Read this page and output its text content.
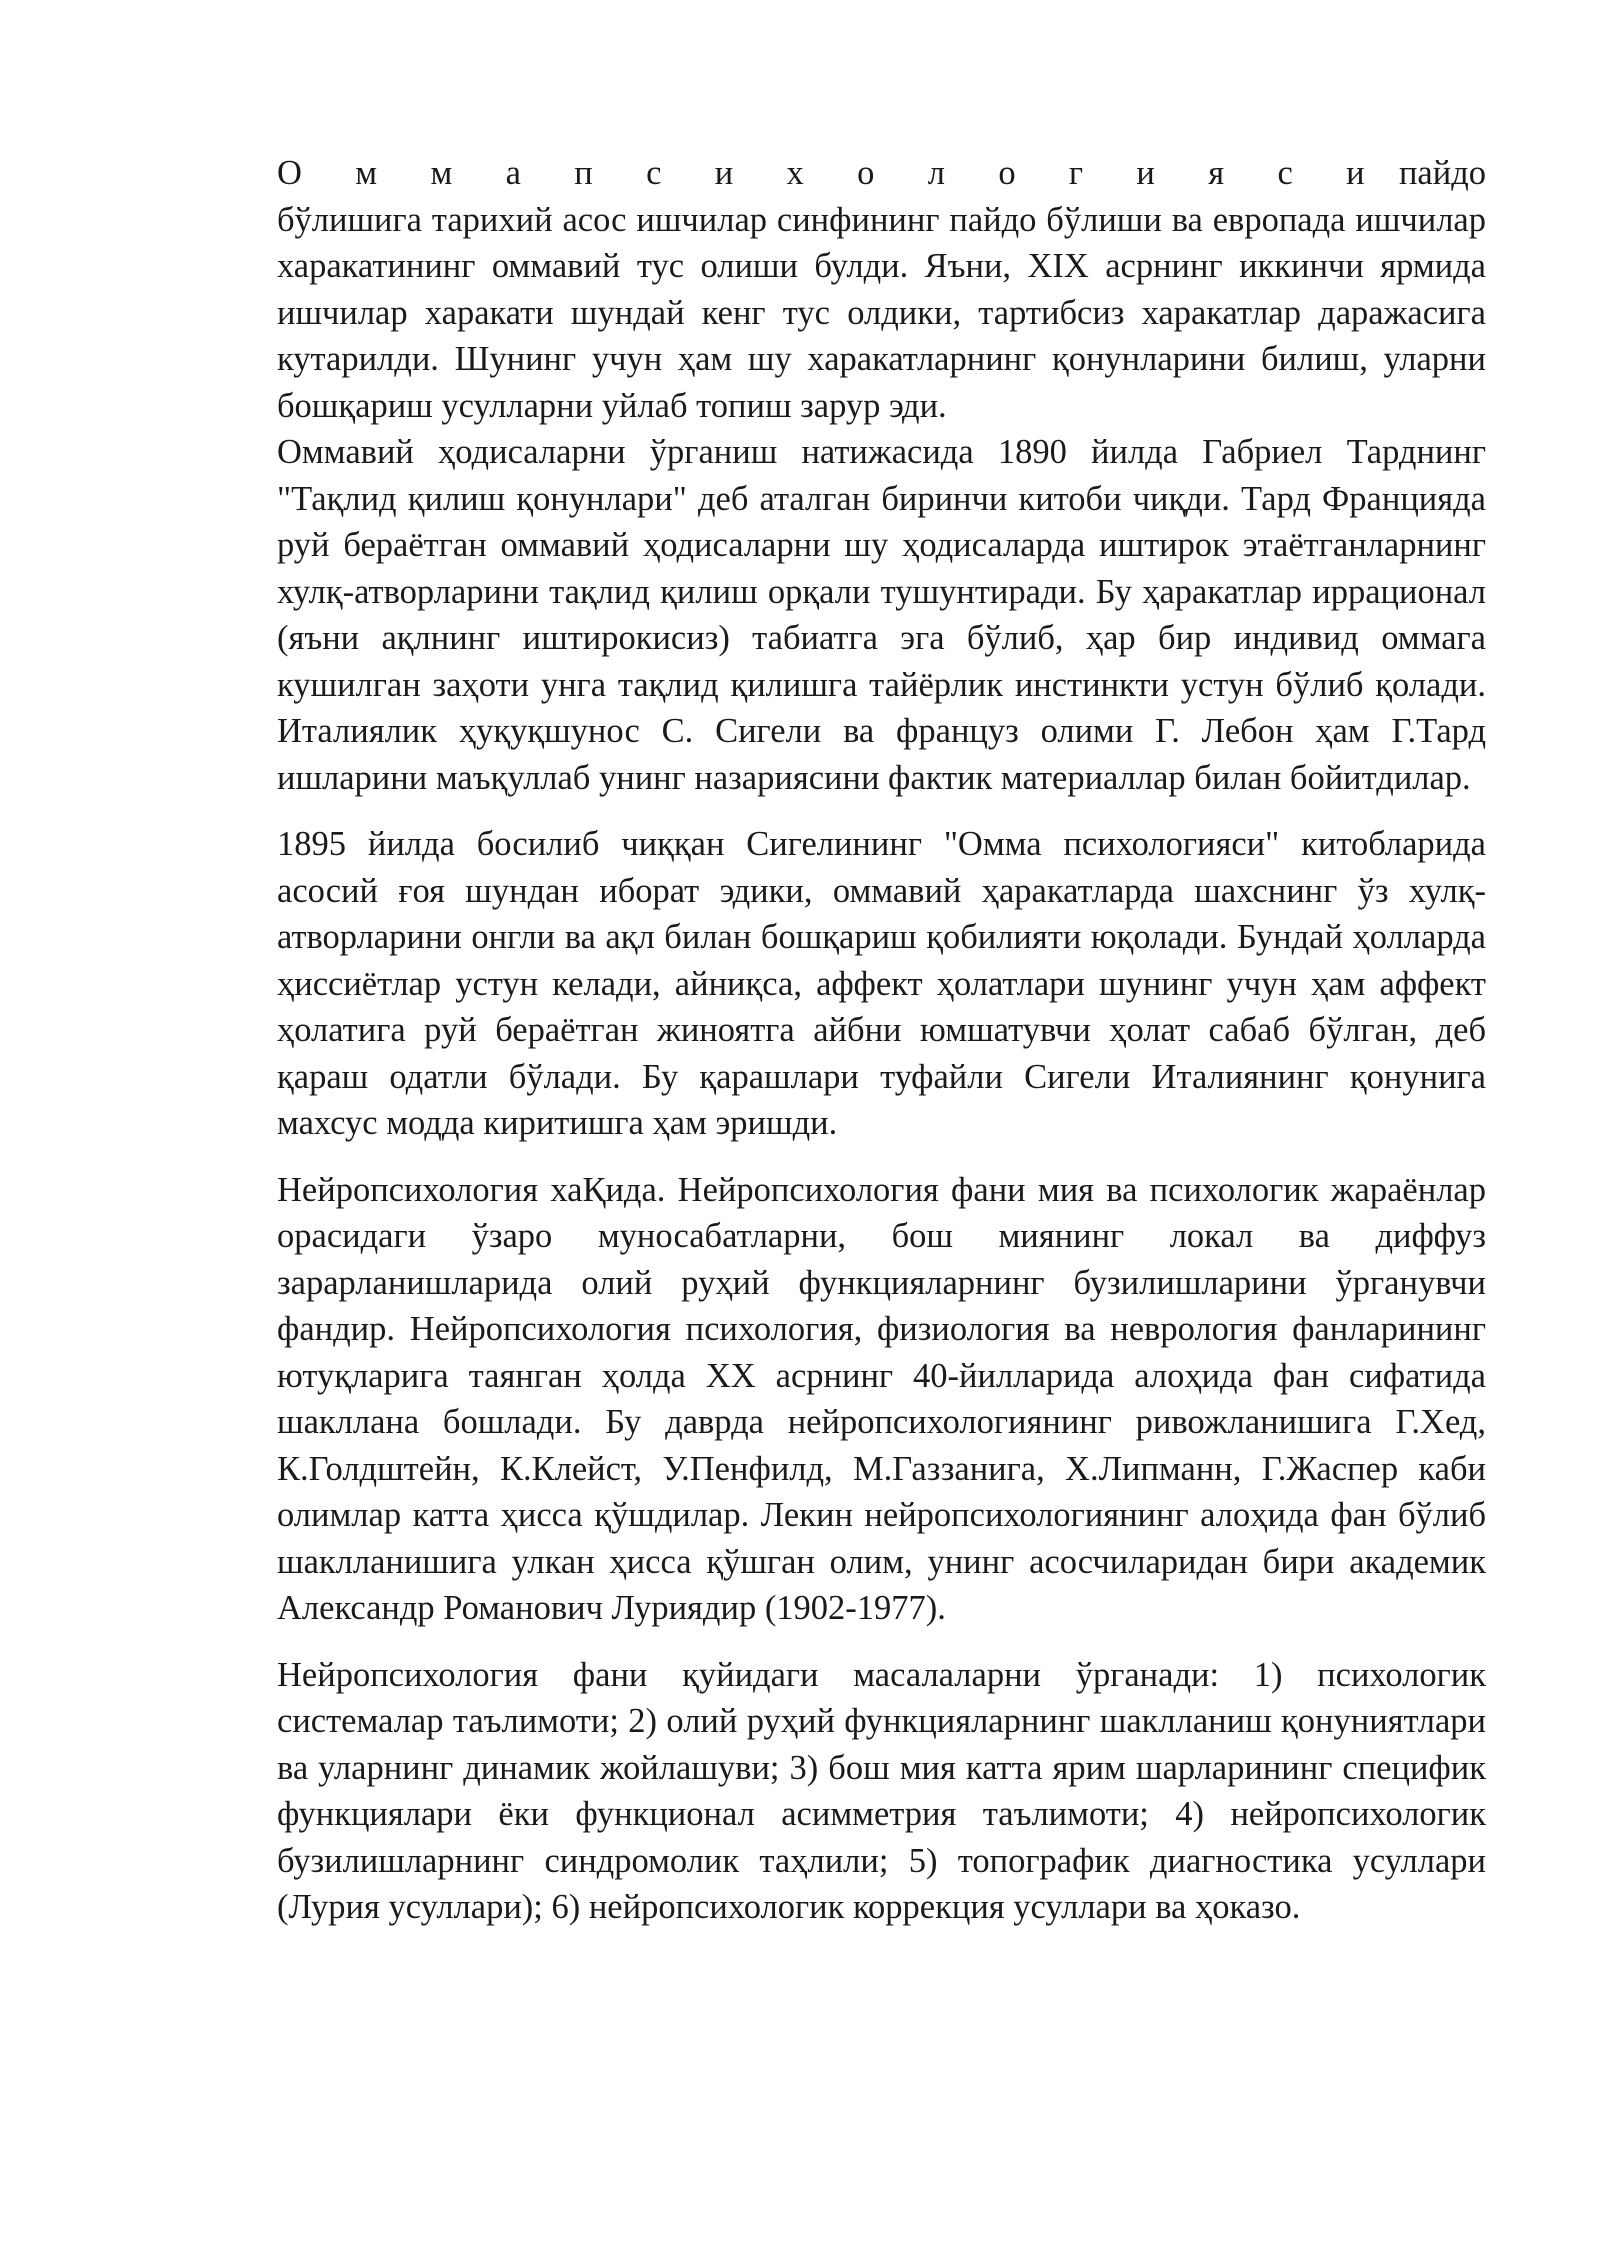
О м м а п с и х о л о г и я с и пайдо бўлишига тарихий асос ишчилар синфининг пайдо бўлиши ва европада ишчилар харакатининг оммавий тус олиши булди. Яъни, XIX асрнинг иккинчи ярмида ишчилар харакати шундай кенг тус олдики, тартибсиз харакатлар даражасига кутарилди. Шунинг учун ҳам шу харакатларнинг қонунларини билиш, уларни бошқариш усулларни уйлаб топиш зарур эди.
Оммавий ҳодисаларни ўрганиш натижасида 1890 йилда Габриел Тарднинг "Тақлид қилиш қонунлари" деб аталган биринчи китоби чиқди. Тард Францияда руй бераётган оммавий ҳодисаларни шу ҳодисаларда иштирок этаётганларнинг хулқ-атворларини тақлид қилиш орқали тушунтиради. Бу ҳаракатлар иррационал (яъни ақлнинг иштирокисиз) табиатга эга бўлиб, ҳар бир индивид оммага кушилган заҳоти унга тақлид қилишга тайёрлик инстинкти устун бўлиб қолади. Италиялик ҳуқуқшунос С. Сигели ва француз олими Г. Лебон ҳам Г.Тард ишларини маъқуллаб унинг назариясини фактик материаллар билан бойитдилар.

1895 йилда босилиб чиққан Сигелининг "Омма психологияси" китобларида асосий ғоя шундан иборат эдики, оммавий ҳаракатларда шахснинг ўз хулқ-атворларини онгли ва ақл билан бошқариш қобилияти юқолади. Бундай ҳолларда ҳиссиётлар устун келади, айниқса, аффект ҳолатлари шунинг учун ҳам аффект ҳолатига руй бераётган жиноятга айбни юмшатувчи ҳолат сабаб бўлган, деб қараш одатли бўлади. Бу қарашлари туфайли Сигели Италиянинг қонунига махсус модда киритишга ҳам эришди.

Нейропсихология хаҚида. Нейропсихология фани мия ва психологик жараёнлар орасидаги ўзаро муносабатларни, бош миянинг локал ва диффуз зарарланишларида олий руҳий функцияларнинг бузилишларини ўрганувчи фандир. Нейропсихология психология, физиология ва неврология фанларининг ютуқларига таянган ҳолда XX асрнинг 40-йилларида алоҳида фан сифатида шакллана бошлади. Бу даврда нейропсихологиянинг ривожланишига Г.Хед, К.Голдштейн, К.Клейст, У.Пенфилд, М.Газзанига, Х.Липманн, Г.Жаспер каби олимлар катта ҳисса қўшдилар. Лекин нейропсихологиянинг алоҳида фан бўлиб шаклланишига улкан ҳисса қўшган олим, унинг асосчиларидан бири академик Александр Романович Луриядир (1902-1977).

Нейропсихология фани қуйидаги масалаларни ўрганади: 1) психологик системалар таълимоти; 2) олий руҳий функцияларнинг шаклланиш қонуниятлари ва уларнинг динамик жойлашуви; 3) бош мия катта ярим шарларининг специфик функциялари ёки функционал асимметрия таълимоти; 4) нейропсихологик бузилишларнинг синдромолик таҳлили; 5) топографик диагностика усуллари (Лурия усуллари); 6) нейропсихологик коррекция усуллари ва ҳоказо.
